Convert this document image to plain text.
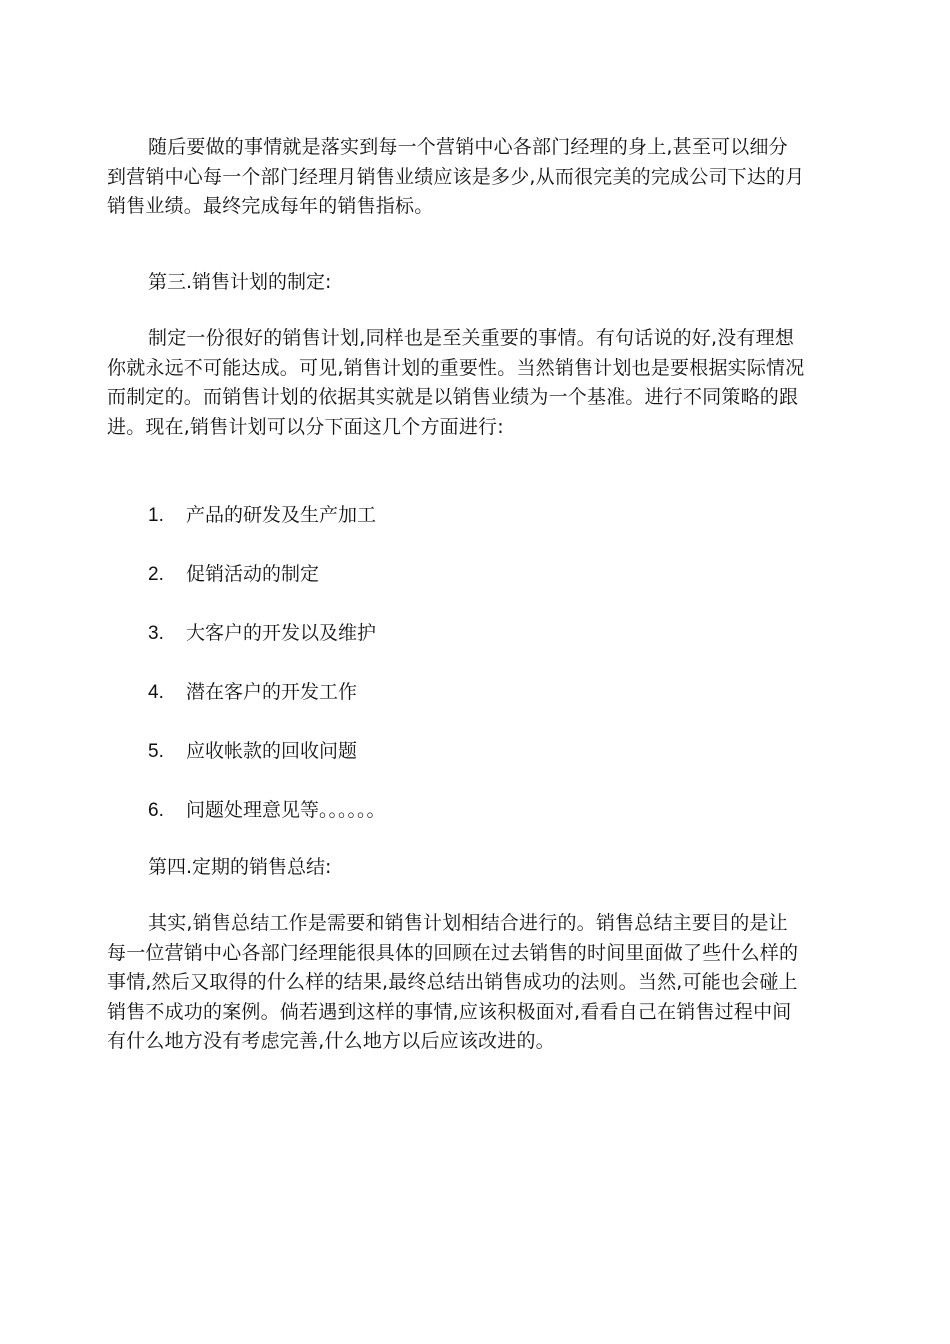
随后要做的事情就是落实到每一个营销中心各部门经理的身上,甚至可以细分
到营销中心每一个部门经理月销售业绩应该是多少,从而很完美的完成公司下达的月
销售业绩。最终完成每年的销售指标。

第三.销售计划的制定:

制定一份很好的销售计划,同样也是至关重要的事情。有句话说的好,没有理想
你就永远不可能达成。可见,销售计划的重要性。当然销售计划也是要根据实际情况
而制定的。而销售计划的依据其实就是以销售业绩为一个基准。进行不同策略的跟
进。现在,销售计划可以分下面这几个方面进行:

1. 产品的研发及生产加工
2. 促销活动的制定
3. 大客户的开发以及维护
4. 潜在客户的开发工作
5. 应收帐款的回收问题
6. 问题处理意见等。。。。。。
第四.定期的销售总结:

其实,销售总结工作是需要和销售计划相结合进行的。销售总结主要目的是让
每一位营销中心各部门经理能很具体的回顾在过去销售的时间里面做了些什么样的
事情,然后又取得的什么样的结果,最终总结出销售成功的法则。当然,可能也会碰上
销售不成功的案例。倘若遇到这样的事情,应该积极面对,看看自己在销售过程中间
有什么地方没有考虑完善,什么地方以后应该改进的。
